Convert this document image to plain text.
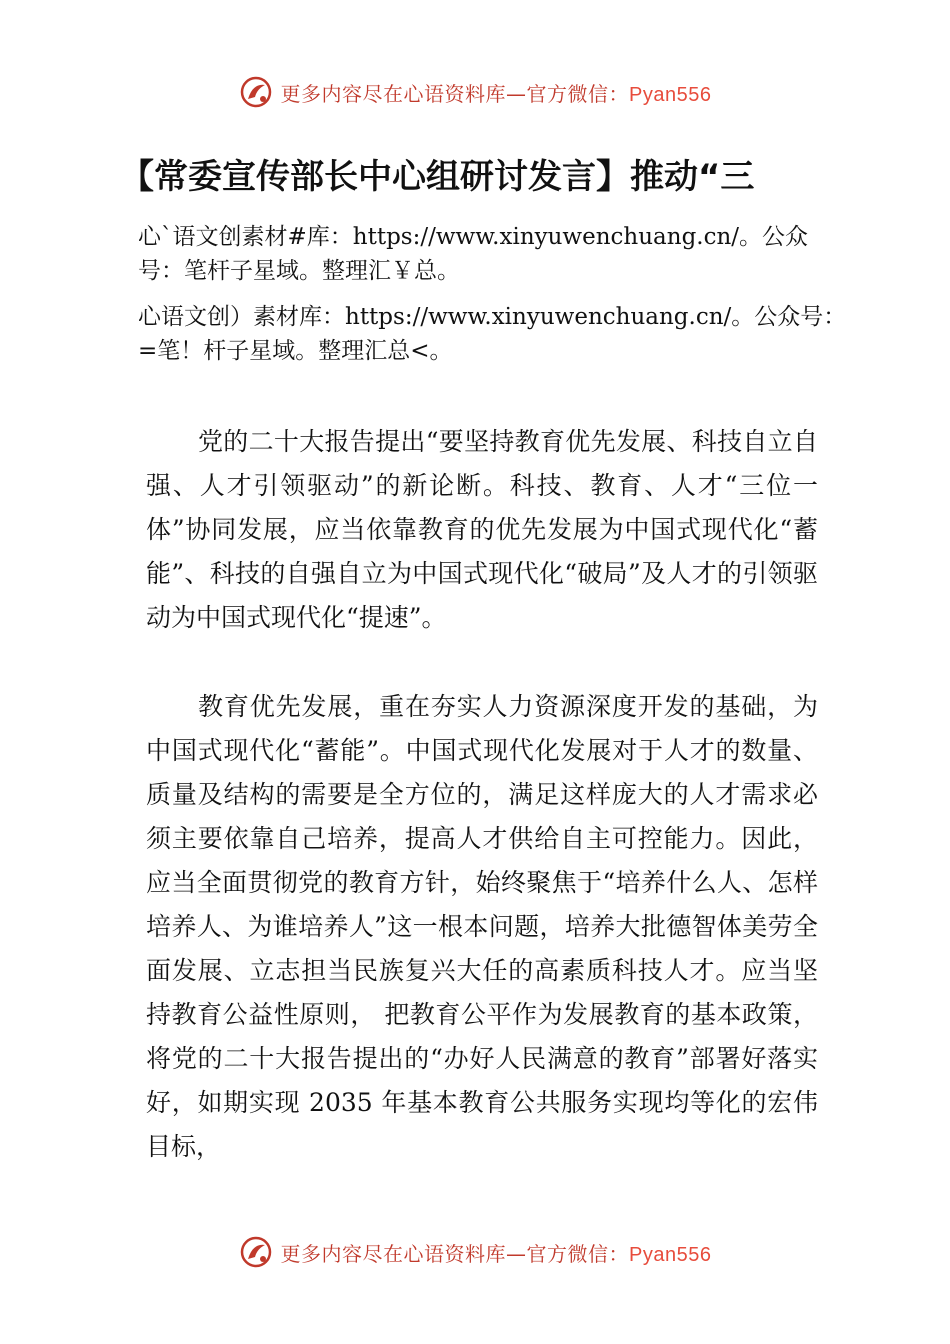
更多内容尽在心语资料库—官方微信：Pyan556
【常委宣传部长中心组研讨发言】推动“三
心`语文创素材#库：https://www.xinyuwenchuang.cn/。公众号：笔杆子星域。整理汇￥总。
心语文创）素材库：https://www.xinyuwenchuang.cn/。公众号：=笔！杆子星域。整理汇总<。
党的二十大报告提出“要坚持教育优先发展、科技自立自强、人才引领驱动”的新论断。科技、教育、人才“三位一体”协同发展，应当依靠教育的优先发展为中国式现代化“蓄能”、科技的自强自立为中国式现代化“破局”及人才的引领驱动为中国式现代化“提速”。
教育优先发展，重在夯实人力资源深度开发的基础，为中国式现代化“蓄能”。中国式现代化发展对于人才的数量、质量及结构的需要是全方位的，满足这样庞大的人才需求必须主要依靠自己培养，提高人才供给自主可控能力。因此，应当全面贯彻党的教育方针，始终聚焦于“培养什么人、怎样培养人、为谁培养人”这一根本问题，培养大批德智体美劳全面发展、立志担当民族复兴大任的高素质科技人才。应当坚持教育公益性原则， 把教育公平作为发展教育的基本政策，将党的二十大报告提出的“办好人民满意的教育”部署好落实好，如期实现 2035 年基本教育公共服务实现均等化的宏伟目标，
更多内容尽在心语资料库—官方微信：Pyan556
